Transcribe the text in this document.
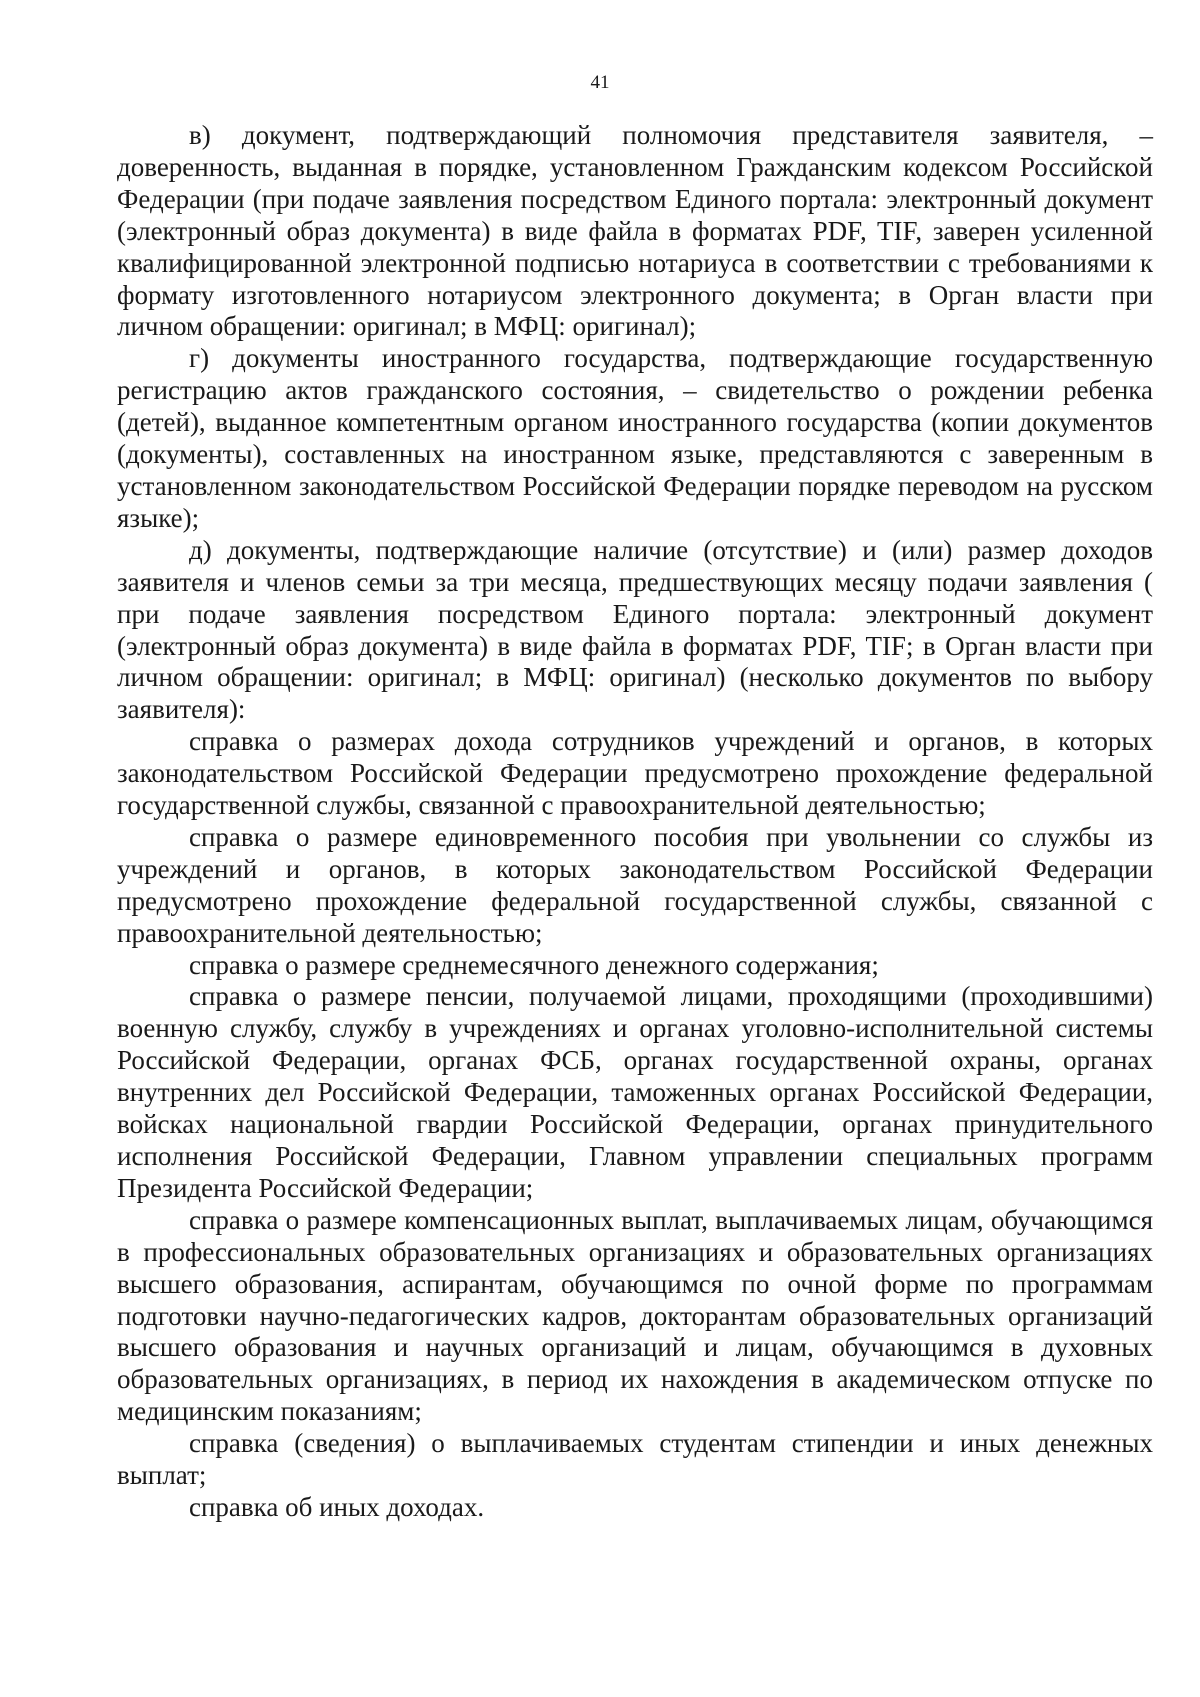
41

в) документ, подтверждающий полномочия представителя заявителя, – доверенность, выданная в порядке, установленном Гражданским кодексом Российской Федерации (при подаче заявления посредством Единого портала: электронный документ (электронный образ документа) в виде файла в форматах PDF, TIF, заверен усиленной квалифицированной электронной подписью нотариуса в соответствии с требованиями к формату изготовленного нотариусом электронного документа; в Орган власти при личном обращении: оригинал; в МФЦ: оригинал);

г) документы иностранного государства, подтверждающие государственную регистрацию актов гражданского состояния, – свидетельство о рождении ребенка (детей), выданное компетентным органом иностранного государства (копии документов (документы), составленных на иностранном языке, представляются с заверенным в установленном законодательством Российской Федерации порядке переводом на русском языке);

д) документы, подтверждающие наличие (отсутствие) и (или) размер доходов заявителя и членов семьи за три месяца, предшествующих месяцу подачи заявления ( при подаче заявления посредством Единого портала: электронный документ (электронный образ документа) в виде файла в форматах PDF, TIF; в Орган власти при личном обращении: оригинал; в МФЦ: оригинал) (несколько документов по выбору заявителя):

справка о размерах дохода сотрудников учреждений и органов, в которых законодательством Российской Федерации предусмотрено прохождение федеральной государственной службы, связанной с правоохранительной деятельностью;

справка о размере единовременного пособия при увольнении со службы из учреждений и органов, в которых законодательством Российской Федерации предусмотрено прохождение федеральной государственной службы, связанной с правоохранительной деятельностью;

справка о размере среднемесячного денежного содержания;

справка о размере пенсии, получаемой лицами, проходящими (проходившими) военную службу, службу в учреждениях и органах уголовно-исполнительной системы Российской Федерации, органах ФСБ, органах государственной охраны, органах внутренних дел Российской Федерации, таможенных органах Российской Федерации, войсках национальной гвардии Российской Федерации, органах принудительного исполнения Российской Федерации, Главном управлении специальных программ Президента Российской Федерации;

справка о размере компенсационных выплат, выплачиваемых лицам, обучающимся в профессиональных образовательных организациях и образовательных организациях высшего образования, аспирантам, обучающимся по очной форме по программам подготовки научно-педагогических кадров, докторантам образовательных организаций высшего образования и научных организаций и лицам, обучающимся в духовных образовательных организациях, в период их нахождения в академическом отпуске по медицинским показаниям;

справка (сведения) о выплачиваемых студентам стипендии и иных денежных выплат;

справка об иных доходах.
